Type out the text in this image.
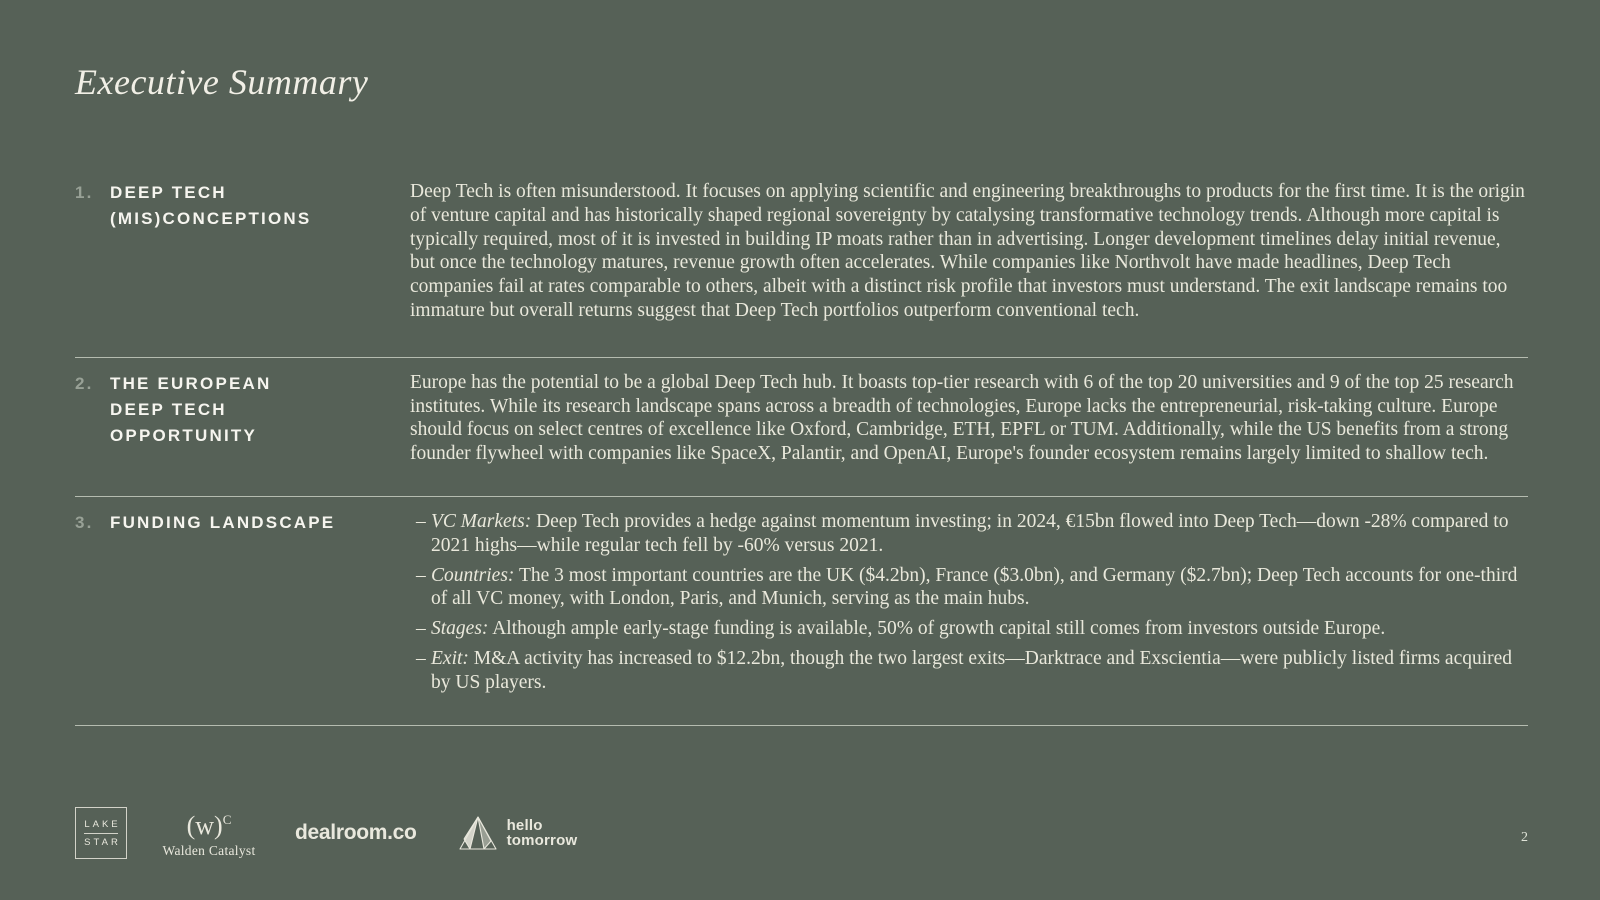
Executive Summary
1. DEEP TECH
(MIS)CONCEPTIONS

Deep Tech is often misunderstood. It focuses on applying scientific and engineering breakthroughs to products for the first time. It is the origin of venture capital and has historically shaped regional sovereignty by catalysing transformative technology trends. Although more capital is typically required, most of it is invested in building IP moats rather than in advertising. Longer development timelines delay initial revenue, but once the technology matures, revenue growth often accelerates. While companies like Northvolt have made headlines, Deep Tech companies fail at rates comparable to others, albeit with a distinct risk profile that investors must understand. The exit landscape remains too immature but overall returns suggest that Deep Tech portfolios outperform conventional tech.

2. THE EUROPEAN
DEEP TECH
OPPORTUNITY

Europe has the potential to be a global Deep Tech hub. It boasts top-tier research with 6 of the top 20 universities and 9 of the top 25 research institutes. While its research landscape spans across a breadth of technologies, Europe lacks the entrepreneurial, risk-taking culture. Europe should focus on select centres of excellence like Oxford, Cambridge, ETH, EPFL or TUM. Additionally, while the US benefits from a strong founder flywheel with companies like SpaceX, Palantir, and OpenAI, Europe's founder ecosystem remains largely limited to shallow tech.

3. FUNDING LANDSCAPE	– VC Markets: Deep Tech provides a hedge against momentum investing; in 2024, €15bn flowed into Deep Tech—down -28% compared to 2021 highs—while regular tech fell by -60% versus 2021.
– Countries: The 3 most important countries are the UK ($4.2bn), France ($3.0bn), and Germany ($2.7bn); Deep Tech accounts for one-third of all VC money, with London, Paris, and Munich, serving as the main hubs.
– Stages: Although ample early-stage funding is available, 50% of growth capital still comes from investors outside Europe.
– Exit: M&A activity has increased to $12.2bn, though the two largest exits—Darktrace and Exscientia—were publicly listed firms acquired by US players.
LAKE
STAR
$(w)^C$
Walden Catalyst
dealroom.co	hello
tomorrow	2
